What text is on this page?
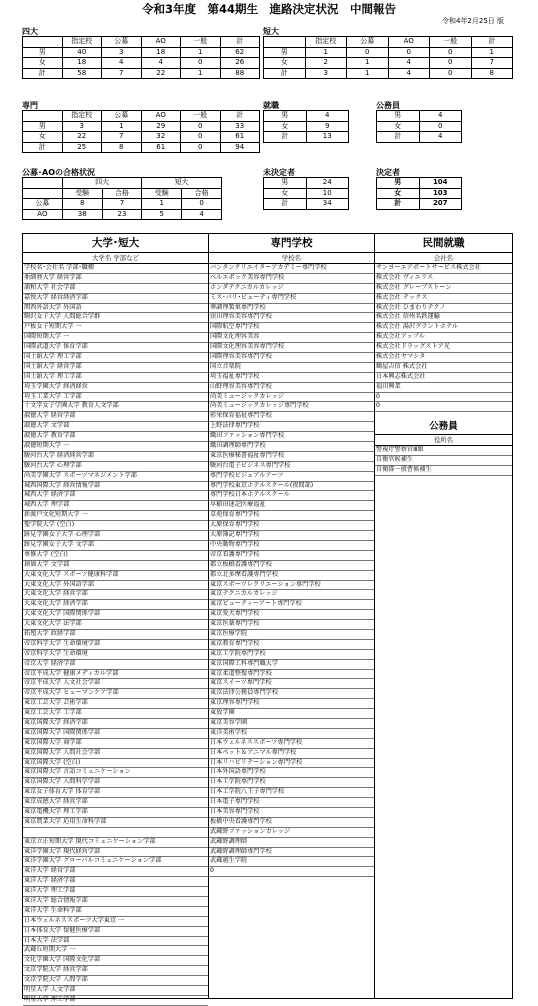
令和3年度　第44期生　進路決定状況　中間報告
令和4年2月25日 版
四大
	指定校	公募	AO	一般	計
男	40	3	18	1	62
女	18	4	4	0	26
計	58	7	22	1	88
短大
	指定校	公募	AO	一般	計
男	1	0	0	0	1
女	2	1	4	0	7
計	3	1	4	0	8
専門
	指定校	公募	AO	一般	計
男	3	1	29	0	33
女	22	7	32	0	61
計	25	8	61	0	94
就職
男	4
女	9
計	13
公務員
男	4
女	0
計	4
公募･AOの合格状況
	四大		短大	
	受験	合格	受験	合格
公募	8	7	1	0
AO	38	23	5	4
未決定者
男	24
女	10
計	34
決定者
男	104
女	103
計	207
大学･短大
大学名 学部など
学校名･会社名 学部･職種
亜細亜大学 経営学部
浦和大学 社会学部
嘉悦大学 経営経済学部
関西外語大学 外国語
駒沢女子大学 人間総合学群
戸板女子短期大学 一
国際短期大学 一
国際武道大学 体育学部
国士舘大学 理工学部
国士舘大学 経営学部
国士舘大学 理工学部
埼玉学園大学 経済経営
埼玉工業大学 工学部
十文字女子学園大学 教育人文学部
淑徳大学 経営学部
淑徳大学 文学部
淑徳大学 教育学部
淑徳短期大学 一
駿河台大学 経済経営学部
駿河台大学 心理学部
尚美学園大学 スポーツマネジメント学部
城西国際大学 経営情報学部
城西大学 経済学部
城西大学 理学部
新渡戸文化短期大学 一
聖学院大学 (空白)
跡見学園女子大学 心理学部
跡見学園女子大学 文学部
専修大学 (空白)
創価大学 文学部
大東文化大学 スポーツ健康科学部
大東文化大学 外国語学部
大東文化大学 経営学部
大東文化大学 経済学部
大東文化大学 国際関係学部
大東文化大学 法学部
拓殖大学 政経学部
帝京科学大学 生命環境学部
帝京科学大学 生命環境
帝京大学 経済学部
帝京平成大学 健康メディカル学部
帝京平成大学 人文社会学部
帝京平成大学 ヒューマンケア学部
東京工芸大学 芸術学部
東京工芸大学 工学部
東京国際大学 経済学部
東京国際大学 国際関係学部
東京国際大学 商学部
東京国際大学 人間社会学部
東京国際大学 (空白)
東京国際大学 言語コミュニケーション
東京国際大学 人間科学学部
東京女子体育大学 体育学部
東京成徳大学 経営学部
東京電機大学 理工学部
東京農業大学 応用生命科学部
東京立正短期大学 現代コミュニケーション学部
東洋学園大学 現代経営学部
東洋学園大学 グローバルコミュニケーション学部
東洋大学 経営学部
東洋大学 経済学部
東洋大学 理工学部
東洋大学 総合情報学部
東洋大学 生命科学部
日本ウェルネススポーツ大学東京 一
日本体育大学 保健医療学部
日本大学 法学部
武蔵丘短期大学 一
文化学園大学 国際文化学部
文京学院大学 経営学部
文京学院大学 人間学部
明星大学 人文学部
明星大学 理工学部
専門学校
学校名
バンタンクリエイターアカデミー専門学校
ベルエポック美容専門学校
ホンダテクニカルカレッジ
ミス･パリ･ビューティ専門学校
華調理製菓専門学校
窪田理容美容専門学校
国際航空専門学校
国際文化理容美容
国際文化理容美容専門学校
国際理容美容専門学校
国立音楽院
埼玉福祉専門学校
山野理容美容専門学校
尚美ミュージックカレッジ
尚美ミュージックカレッジ専門学校
彰栄保育福祉専門学校
上野法律専門学校
織田ファッション専門学校
織田調理師専門学校
東京医療秘書福祉専門学校
駿河台電子ビジネス専門学校
専門学校ビジュアルアーツ
専門学校東京ホテルスクール(夜間部)
専門学校日本ホテルスクール
早稲田速記医療福祉
草苑保育専門学校
大原保育専門学校
大原簿記専門学校
中央動物専門学校
帝京看護専門学校
都立板橋看護専門学校
都立北多摩看護専門学校
東京スポーツレクリエーション専門学校
東京テクニカルカレッジ
東京ビューティーアート専門学校
東京愛犬専門学校
東京医薬専門学校
東京医療学院
東京教育専門学校
東京工学院専門学校
東京国際工科専門職大学
東京柔道整復専門学校
東京スイーツ専門学校
東京法律公務員専門学校
東京理容専門学校
東放学園
東京美容学園
東洋美術学校
日本ウェルネススポーツ専門学校
日本ペット＆アニマル専門学校
日本リハビリテーション専門学校
日本外国語専門学校
日本工学院専門学校
日本工学院八王子専門学校
日本電子専門学校
日本美容専門学校
板橋中央看護専門学校
武蔵野ファッションカレッジ
武蔵野調理師
武蔵野調理師専門学校
武蔵越生学院
0
民間就職
会社名
サンヨーエアポートサービス株式会社
株式会社 ヴィエリス
株式会社 グレープストーン
株式会社 テックス
株式会社 ひまわりテクノ
株式会社 信州名鉄運輸
株式会社 湯沢グラントホテル
株式会社アップル
株式会社ドラッグストア光
株式会社ヤマシタ
鶴屋吉信 株式会社
日本興志株式会社
福田興業
0
0
公務員
役所名
警視庁警察官Ⅲ類
自衛官候補生
自衛隊一般曹候補生
